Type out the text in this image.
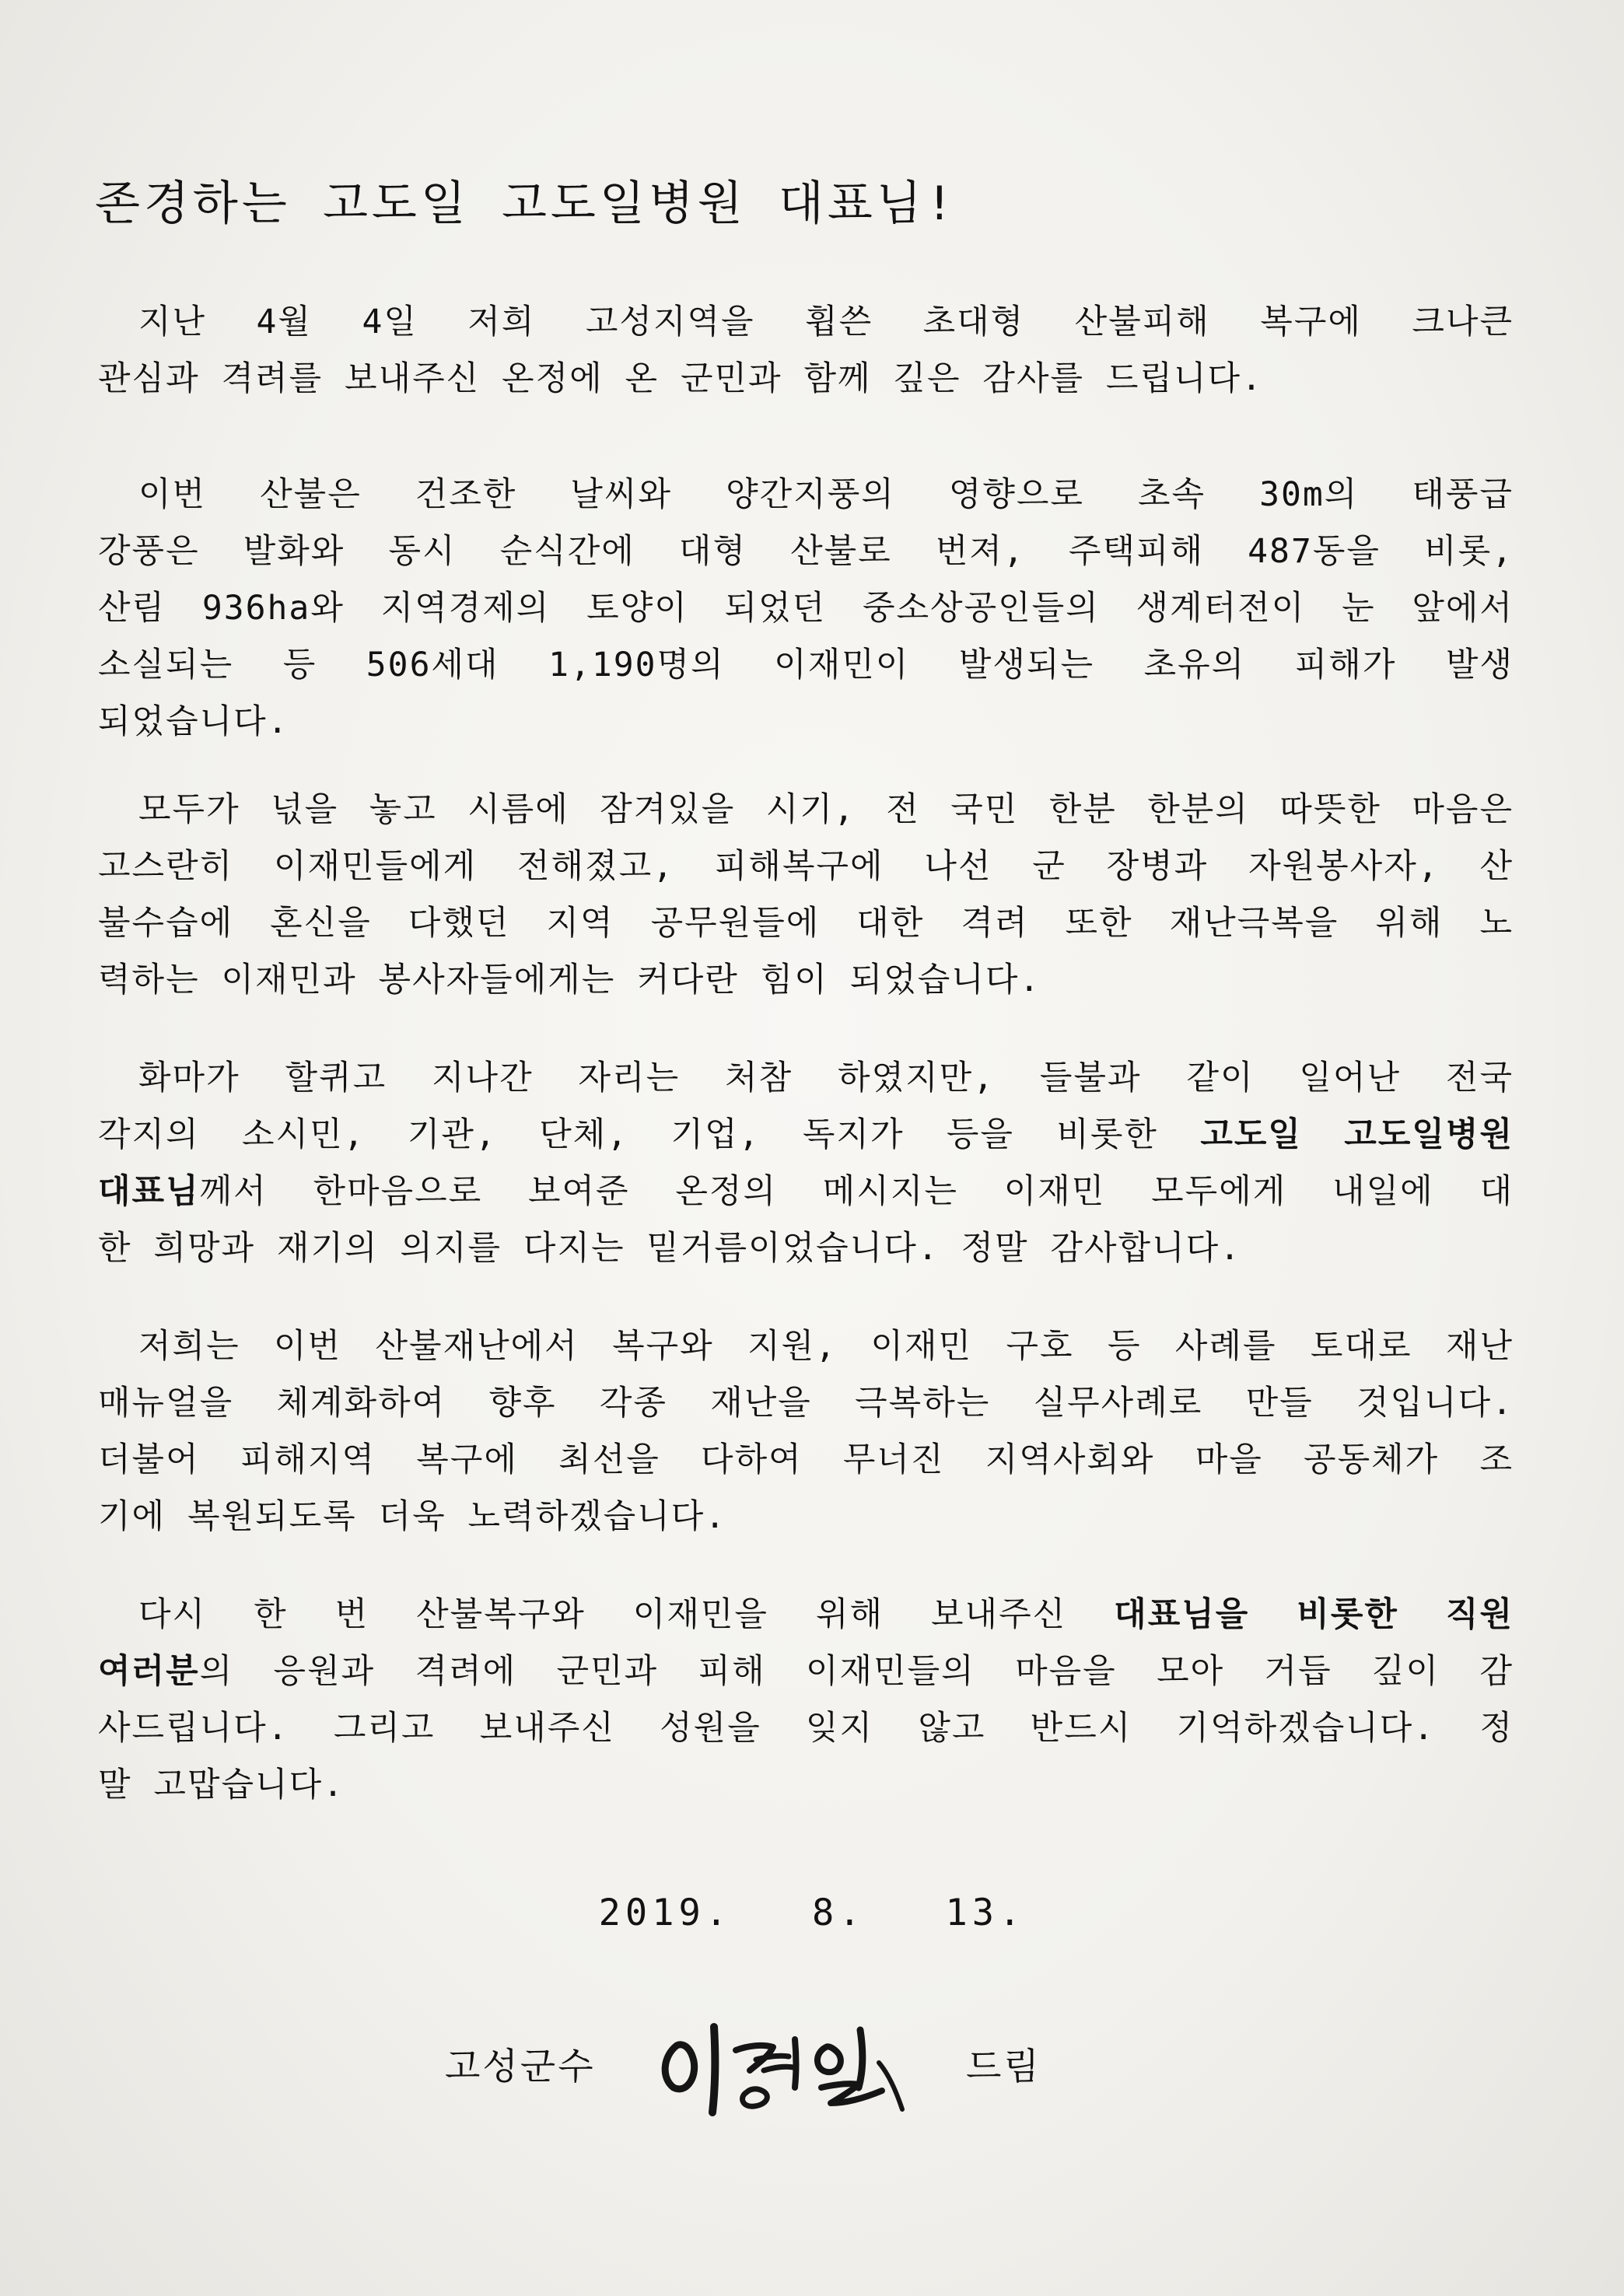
존경하는 고도일 고도일병원 대표님!
지난 4월 4일 저희 고성지역을 휩쓴 초대형 산불피해 복구에 크나큰
관심과 격려를 보내주신 온정에 온 군민과 함께 깊은 감사를 드립니다.
이번 산불은 건조한 날씨와 양간지풍의 영향으로 초속 30m의 태풍급
강풍은 발화와 동시 순식간에 대형 산불로 번져, 주택피해 487동을 비롯,
산림 936ha와 지역경제의 토양이 되었던 중소상공인들의 생계터전이 눈 앞에서
소실되는 등 506세대 1,190명의 이재민이 발생되는 초유의 피해가 발생
되었습니다.
모두가 넋을 놓고 시름에 잠겨있을 시기, 전 국민 한분 한분의 따뜻한 마음은
고스란히 이재민들에게 전해졌고, 피해복구에 나선 군 장병과 자원봉사자, 산
불수습에 혼신을 다했던 지역 공무원들에 대한 격려 또한 재난극복을 위해 노
력하는 이재민과 봉사자들에게는 커다란 힘이 되었습니다.
화마가 할퀴고 지나간 자리는 처참 하였지만, 들불과 같이 일어난 전국
각지의 소시민, 기관, 단체, 기업, 독지가 등을 비롯한 고도일 고도일병원
대표님께서 한마음으로 보여준 온정의 메시지는 이재민 모두에게 내일에 대
한 희망과 재기의 의지를 다지는 밑거름이었습니다. 정말 감사합니다.
저희는 이번 산불재난에서 복구와 지원, 이재민 구호 등 사례를 토대로 재난
매뉴얼을 체계화하여 향후 각종 재난을 극복하는 실무사례로 만들 것입니다.
더불어 피해지역 복구에 최선을 다하여 무너진 지역사회와 마을 공동체가 조
기에 복원되도록 더욱 노력하겠습니다.
다시 한 번 산불복구와 이재민을 위해 보내주신 대표님을 비롯한 직원
여러분의 응원과 격려에 군민과 피해 이재민들의 마음을 모아 거듭 깊이 감
사드립니다. 그리고 보내주신 성원을 잊지 않고 반드시 기억하겠습니다. 정
말 고맙습니다.
2019.   8.   13.
고성군수	드림
